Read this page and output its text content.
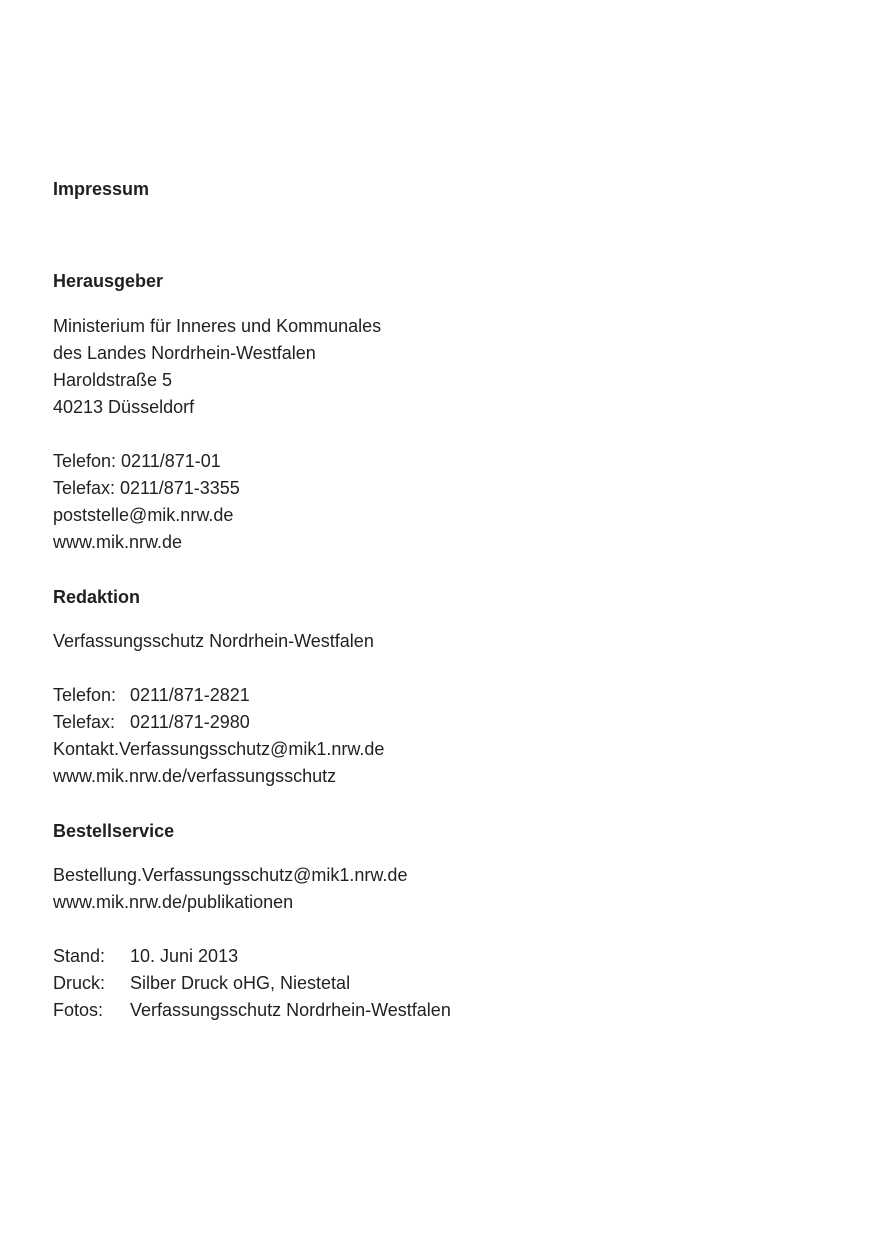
Impressum
Herausgeber

Ministerium für Inneres und Kommunales

des Landes Nordrhein-Westfalen

Haroldstraße 5

40213 Düsseldorf

Telefon: 0211/871-01

Telefax: 0211/871-3355

poststelle@mik.nrw.de

www.mik.nrw.de

Redaktion

Verfassungsschutz Nordrhein-Westfalen

Telefon: 0211/871-2821
Telefax: 0211/871-2980

Kontakt.Verfassungsschutz@mik1.nrw.de

www.mik.nrw.de/verfassungsschutz

Bestellservice

Bestellung.Verfassungsschutz@mik1.nrw.de

www.mik.nrw.de/publikationen

Stand:	10. Juni 2013
Druck:	Silber Druck oHG, Niestetal
Fotos:	Verfassungsschutz Nordrhein-Westfalen
